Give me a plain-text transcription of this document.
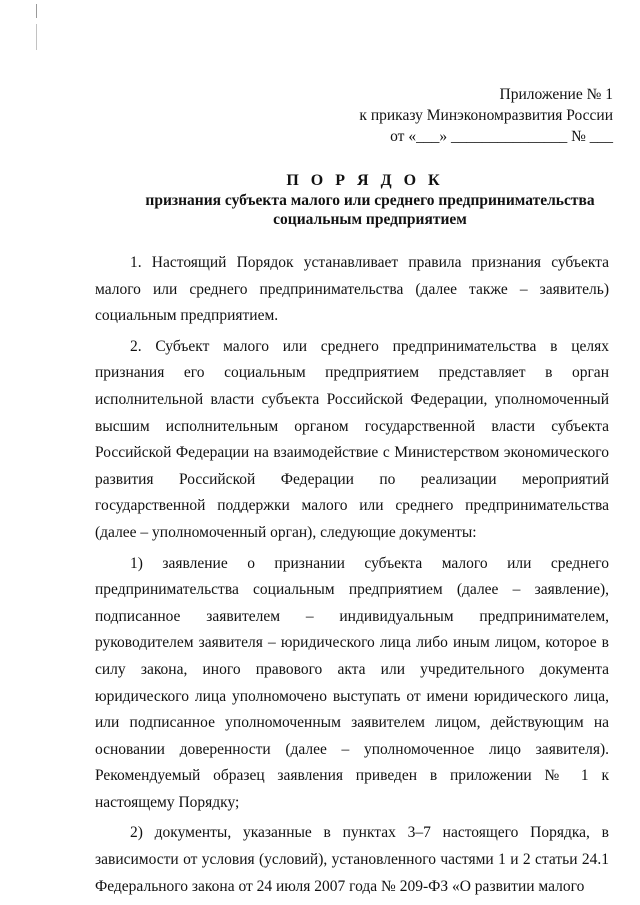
Приложение № 1
к приказу Минэкономразвития России
от «___» _______________ № ___
П О Р Я Д О К
признания субъекта малого или среднего предпринимательства
социальным предприятием

1. Настоящий Порядок устанавливает правила признания субъекта малого или среднего предпринимательства (далее также – заявитель) социальным предприятием.

2. Субъект малого или среднего предпринимательства в целях признания его социальным предприятием представляет в орган исполнительной власти субъекта Российской Федерации, уполномоченный высшим исполнительным органом государственной власти субъекта Российской Федерации на взаимодействие с Министерством экономического развития Российской Федерации по реализации мероприятий государственной поддержки малого или среднего предпринимательства (далее – уполномоченный орган), следующие документы:

1) заявление о признании субъекта малого или среднего предпринимательства социальным предприятием (далее – заявление), подписанное заявителем – индивидуальным предпринимателем, руководителем заявителя – юридического лица либо иным лицом, которое в силу закона, иного правового акта или учредительного документа юридического лица уполномочено выступать от имени юридического лица, или подписанное уполномоченным заявителем лицом, действующим на основании доверенности (далее – уполномоченное лицо заявителя). Рекомендуемый образец заявления приведен в приложении № 1 к настоящему Порядку;

2) документы, указанные в пунктах 3–7 настоящего Порядка, в зависимости от условия (условий), установленного частями 1 и 2 статьи 24.1 Федерального закона от 24 июля 2007 года № 209-ФЗ «О развитии малого
